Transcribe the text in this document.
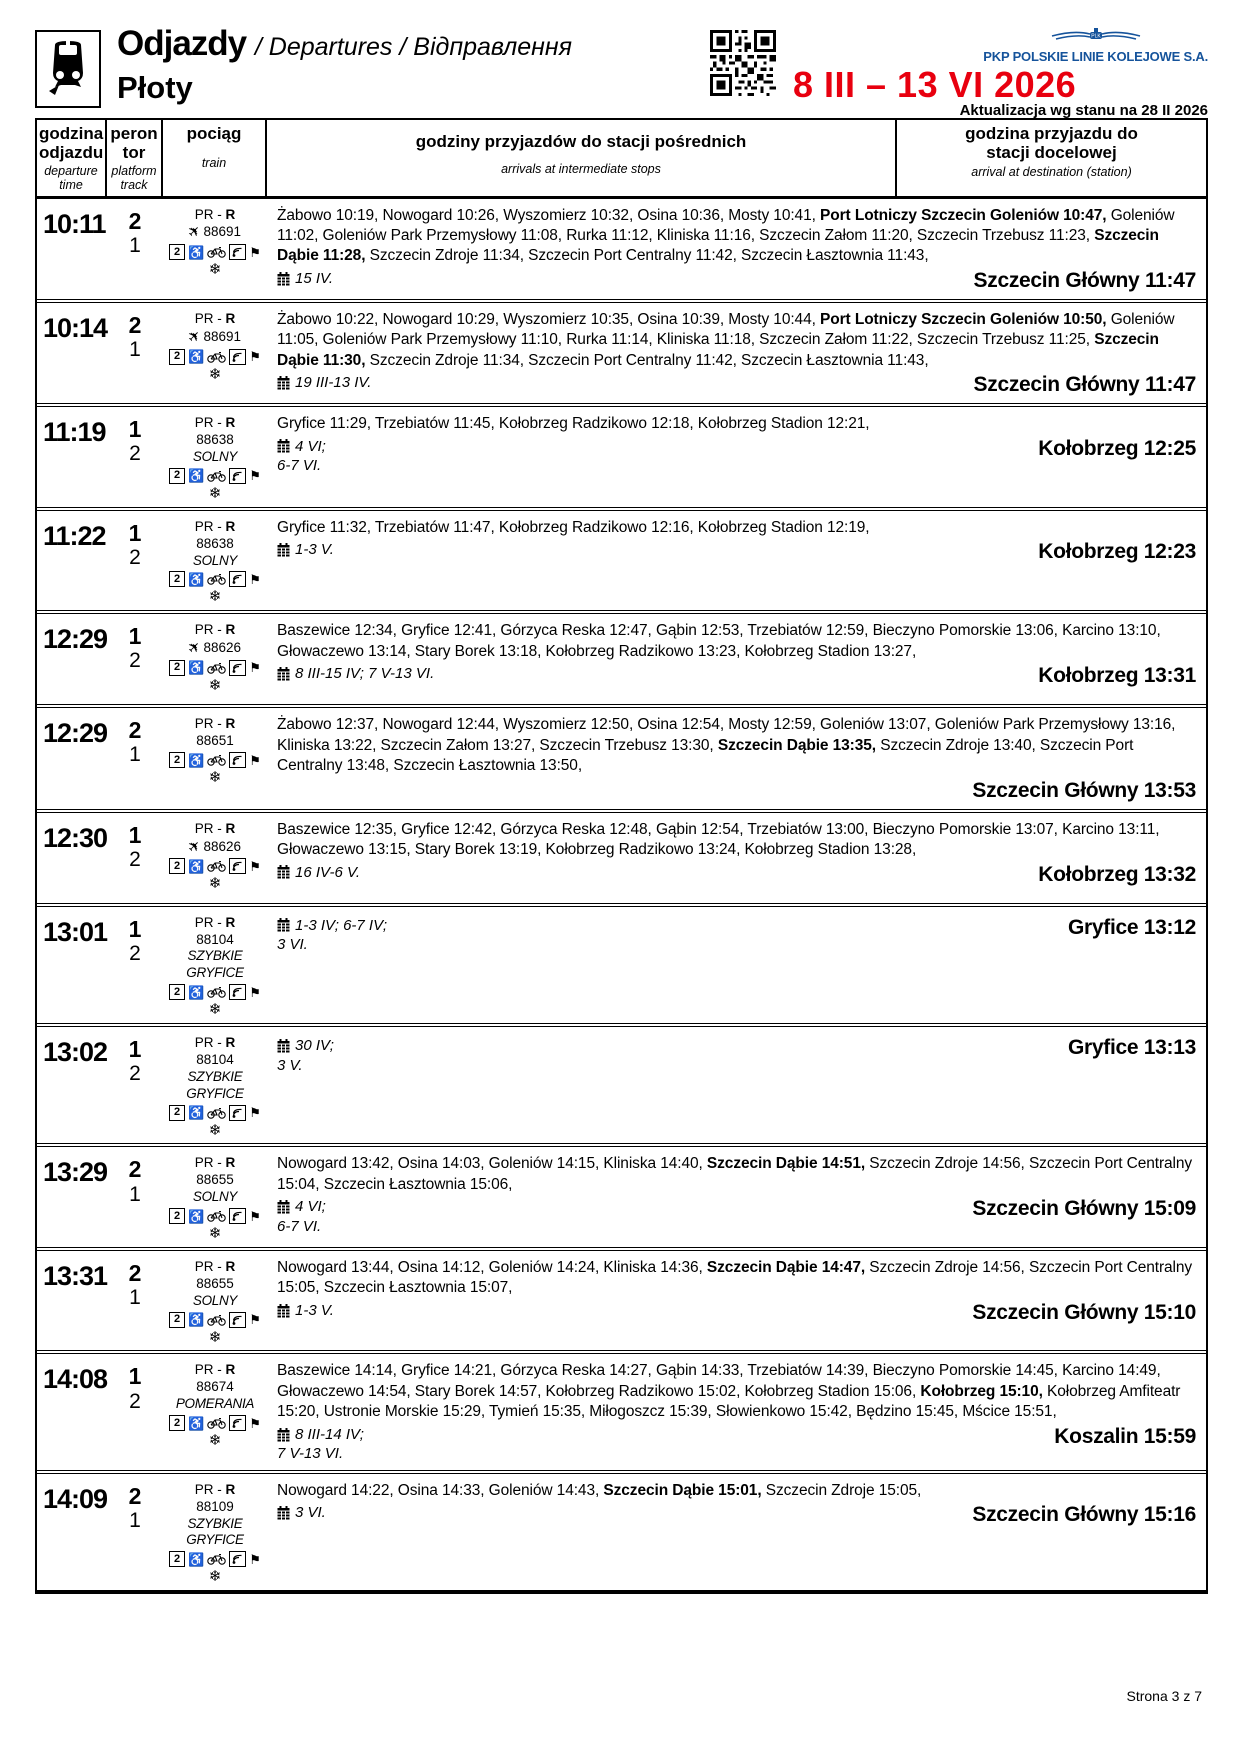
Odjazdy / Departures / Відправлення
Płoty
PLK
PKP POLSKIE LINIE KOLEJOWE S.A.
8 III – 13 VI 2026
Aktualizacja wg stanu na 28 II 2026
godzina
odjazdu
departure
time
peron
tor
platform
track
pociąg
train
godziny przyjazdów do stacji pośrednich
arrivals at intermediate stops
godzina przyjazdu do
stacji docelowej
arrival at destination (station)
10:11	2
1
PR - R
✈88691
2 ♿	⚑
❄
Żabowo 10:19, Nowogard 10:26, Wyszomierz 10:32, Osina 10:36, Mosty 10:41, Port Lotniczy Szczecin Goleniów 10:47, Goleniów 11:02, Goleniów Park Przemysłowy 11:08, Rurka 11:12, Kliniska 11:16, Szczecin Załom 11:20, Szczecin Trzebusz 11:23, Szczecin Dąbie 11:28, Szczecin Zdroje 11:34, Szczecin Port Centralny 11:42, Szczecin Łasztownia 11:43,
15 IV.	Szczecin Główny 11:47
10:14 2
1
PR - R
✈88691
2 ♿	⚑
❄
Żabowo 10:22, Nowogard 10:29, Wyszomierz 10:35, Osina 10:39, Mosty 10:44, Port Lotniczy Szczecin Goleniów 10:50, Goleniów 11:05, Goleniów Park Przemysłowy 11:10, Rurka 11:14, Kliniska 11:18, Szczecin Załom 11:22, Szczecin Trzebusz 11:25, Szczecin Dąbie 11:30, Szczecin Zdroje 11:34, Szczecin Port Centralny 11:42, Szczecin Łasztownia 11:43,
19 III-13 IV.	Szczecin Główny 11:47
11:19	1
2
PR - R
88638
SOLNY
2 ♿	⚑
❄
Gryfice 11:29, Trzebiatów 11:45, Kołobrzeg Radzikowo 12:18, Kołobrzeg Stadion 12:21,
4 VI;
6-7 VI.
Kołobrzeg 12:25
11:22	1
2
PR - R
88638
SOLNY
2 ♿	⚑
❄
Gryfice 11:32, Trzebiatów 11:47, Kołobrzeg Radzikowo 12:16, Kołobrzeg Stadion 12:19,
1-3 V.	Kołobrzeg 12:23
12:29 1
2
PR - R
✈88626
2 ♿	⚑
❄
Baszewice 12:34, Gryfice 12:41, Górzyca Reska 12:47, Gąbin 12:53, Trzebiatów 12:59, Bieczyno Pomorskie 13:06, Karcino 13:10, Głowaczewo 13:14, Stary Borek 13:18, Kołobrzeg Radzikowo 13:23, Kołobrzeg Stadion 13:27,
8 III-15 IV; 7 V-13 VI.	Kołobrzeg 13:31
12:29 2
1
PR - R
88651
2 ♿	⚑
❄
Żabowo 12:37, Nowogard 12:44, Wyszomierz 12:50, Osina 12:54, Mosty 12:59, Goleniów 13:07, Goleniów Park Przemysłowy 13:16, Kliniska 13:22, Szczecin Załom 13:27, Szczecin Trzebusz 13:30, Szczecin Dąbie 13:35, Szczecin Zdroje 13:40, Szczecin Port Centralny 13:48, Szczecin Łasztownia 13:50,
Szczecin Główny 13:53
12:30 1
2
PR - R
✈88626
2 ♿	⚑
❄
Baszewice 12:35, Gryfice 12:42, Górzyca Reska 12:48, Gąbin 12:54, Trzebiatów 13:00, Bieczyno Pomorskie 13:07, Karcino 13:11, Głowaczewo 13:15, Stary Borek 13:19, Kołobrzeg Radzikowo 13:24, Kołobrzeg Stadion 13:28,
16 IV-6 V.	Kołobrzeg 13:32
13:01 1
2
PR - R
88104
SZYBKIE GRYFICE
2 ♿	⚑
❄
1-3 IV; 6-7 IV;
3 VI.
Gryfice 13:12
13:02 1
2
PR - R
88104
SZYBKIE GRYFICE
2 ♿	⚑
❄
30 IV;
3 V.
Gryfice 13:13
13:29 2
1
PR - R
88655
SOLNY
2 ♿	⚑
❄
Nowogard 13:42, Osina 14:03, Goleniów 14:15, Kliniska 14:40, Szczecin Dąbie 14:51, Szczecin Zdroje 14:56, Szczecin Port Centralny 15:04, Szczecin Łasztownia 15:06,
4 VI;
6-7 VI.
Szczecin Główny 15:09
13:31 2
1
PR - R
88655
SOLNY
2 ♿	⚑
❄
Nowogard 13:44, Osina 14:12, Goleniów 14:24, Kliniska 14:36, Szczecin Dąbie 14:47, Szczecin Zdroje 14:56, Szczecin Port Centralny 15:05, Szczecin Łasztownia 15:07,
1-3 V.	Szczecin Główny 15:10
14:08 1
2
PR - R
88674
POMERANIA
2 ♿	⚑
❄
Baszewice 14:14, Gryfice 14:21, Górzyca Reska 14:27, Gąbin 14:33, Trzebiatów 14:39, Bieczyno Pomorskie 14:45, Karcino 14:49, Głowaczewo 14:54, Stary Borek 14:57, Kołobrzeg Radzikowo 15:02, Kołobrzeg Stadion 15:06, Kołobrzeg 15:10, Kołobrzeg Amfiteatr 15:20, Ustronie Morskie 15:29, Tymień 15:35, Miłogoszcz 15:39, Słowienkowo 15:42, Będzino 15:45, Mścice 15:51,
8 III-14 IV;
7 V-13 VI.
Koszalin 15:59
14:09 2
1
PR - R
88109
SZYBKIE GRYFICE
2 ♿	⚑
❄
Nowogard 14:22, Osina 14:33, Goleniów 14:43, Szczecin Dąbie 15:01, Szczecin Zdroje 15:05,
3 VI.	Szczecin Główny 15:16
Strona 3 z 7
